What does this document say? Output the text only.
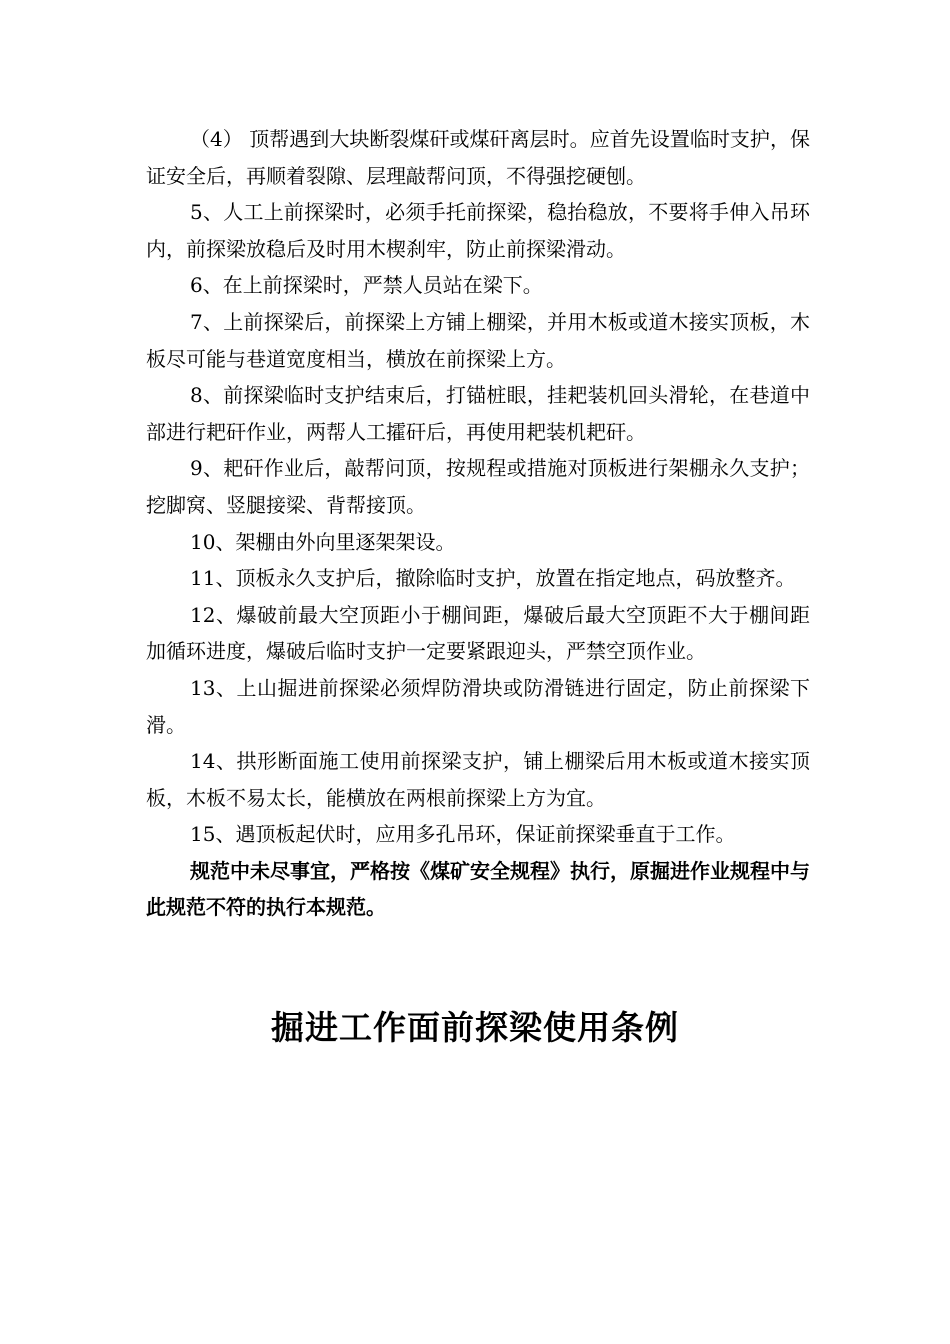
（4） 顶帮遇到大块断裂煤矸或煤矸离层时。应首先设置临时支护，保证安全后，再顺着裂隙、层理敲帮问顶，不得强挖硬刨。

5、人工上前探梁时，必须手托前探梁，稳抬稳放，不要将手伸入吊环内，前探梁放稳后及时用木楔刹牢，防止前探梁滑动。

6、在上前探梁时，严禁人员站在梁下。

7、上前探梁后，前探梁上方铺上棚梁，并用木板或道木接实顶板，木板尽可能与巷道宽度相当，横放在前探梁上方。

8、前探梁临时支护结束后，打锚桩眼，挂耙装机回头滑轮，在巷道中部进行耙矸作业，两帮人工攉矸后，再使用耙装机耙矸。

9、耙矸作业后，敲帮问顶，按规程或措施对顶板进行架棚永久支护；挖脚窝、竖腿接梁、背帮接顶。

10、架棚由外向里逐架架设。

11、顶板永久支护后，撤除临时支护，放置在指定地点，码放整齐。

12、爆破前最大空顶距小于棚间距，爆破后最大空顶距不大于棚间距加循环进度，爆破后临时支护一定要紧跟迎头，严禁空顶作业。

13、上山掘进前探梁必须焊防滑块或防滑链进行固定，防止前探梁下滑。

14、拱形断面施工使用前探梁支护，铺上棚梁后用木板或道木接实顶板，木板不易太长，能横放在两根前探梁上方为宜。

15、遇顶板起伏时，应用多孔吊环，保证前探梁垂直于工作。

规范中未尽事宜，严格按《煤矿安全规程》执行，原掘进作业规程中与此规范不符的执行本规范。

掘进工作面前探梁使用条例
